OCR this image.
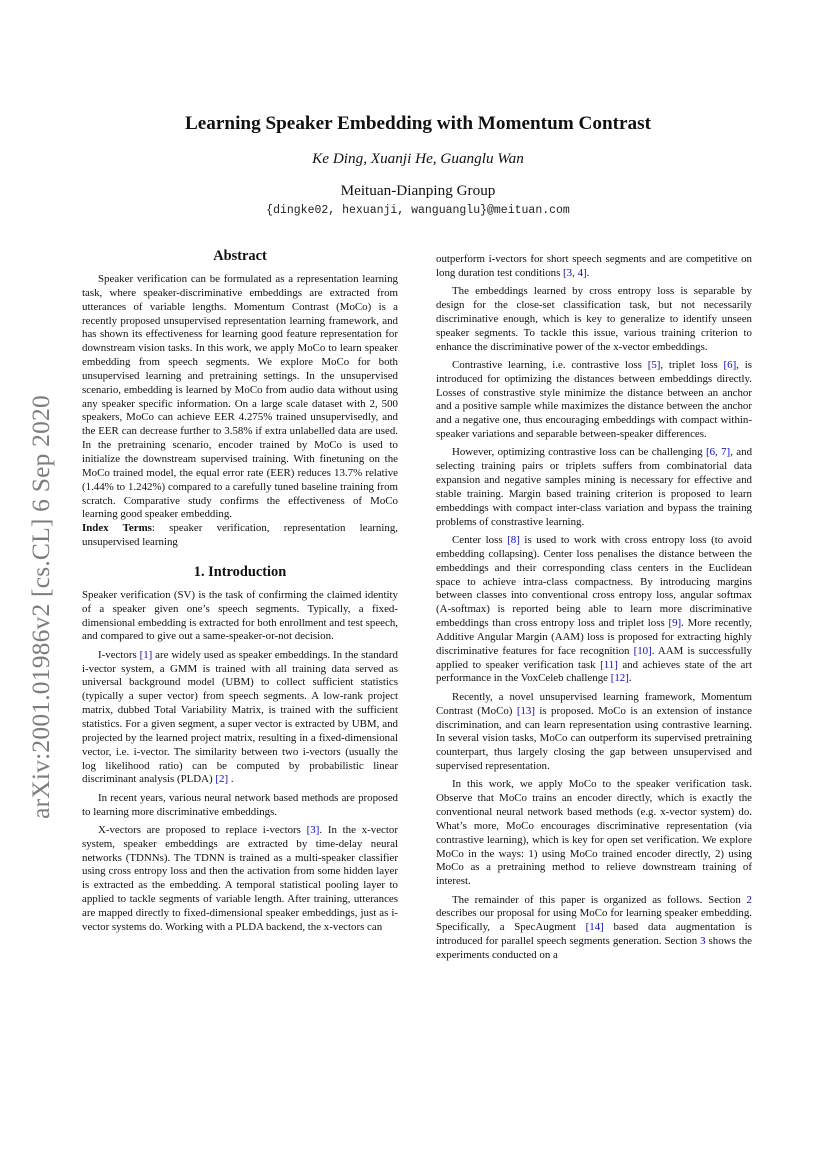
arXiv:2001.01986v2 [cs.CL] 6 Sep 2020
Learning Speaker Embedding with Momentum Contrast
Ke Ding, Xuanji He, Guanglu Wan
Meituan-Dianping Group
{dingke02, hexuanji, wanguanglu}@meituan.com
Abstract

Speaker verification can be formulated as a representation learning task, where speaker-discriminative embeddings are extracted from utterances of variable lengths. Momentum Contrast (MoCo) is a recently proposed unsupervised representation learning framework, and has shown its effectiveness for learning good feature representation for downstream vision tasks. In this work, we apply MoCo to learn speaker embedding from speech segments. We explore MoCo for both unsupervised learning and pretraining settings. In the unsupervised scenario, embedding is learned by MoCo from audio data without using any speaker specific information. On a large scale dataset with 2, 500 speakers, MoCo can achieve EER 4.275% trained unsupervisedly, and the EER can decrease further to 3.58% if extra unlabelled data are used. In the pretraining scenario, encoder trained by MoCo is used to initialize the downstream supervised training. With finetuning on the MoCo trained model, the equal error rate (EER) reduces 13.7% relative (1.44% to 1.242%) compared to a carefully tuned baseline training from scratch. Comparative study confirms the effectiveness of MoCo learning good speaker embedding.

Index Terms: speaker verification, representation learning, unsupervised learning

1. Introduction

Speaker verification (SV) is the task of confirming the claimed identity of a speaker given one’s speech segments. Typically, a fixed-dimensional embedding is extracted for both enrollment and test speech, and compared to give out a same-speaker-or-not decision.

I-vectors [1] are widely used as speaker embeddings. In the standard i-vector system, a GMM is trained with all training data served as universal background model (UBM) to collect sufficient statistics (typically a super vector) from speech segments. A low-rank project matrix, dubbed Total Variability Matrix, is trained with the sufficient statistics. For a given segment, a super vector is extracted by UBM, and projected by the learned project matrix, resulting in a fixed-dimensional vector, i.e. i-vector. The similarity between two i-vectors (usually the log likelihood ratio) can be computed by probabilistic linear discriminant analysis (PLDA) [2] .

In recent years, various neural network based methods are proposed to learning more discriminative embeddings.

X-vectors are proposed to replace i-vectors [3]. In the x-vector system, speaker embeddings are extracted by time-delay neural networks (TDNNs). The TDNN is trained as a multi-speaker classifier using cross entropy loss and then the activation from some hidden layer is extracted as the embedding. A temporal statistical pooling layer to applied to tackle segments of variable length. After training, utterances are mapped directly to fixed-dimensional speaker embeddings, just as i-vector systems do. Working with a PLDA backend, the x-vectors can

outperform i-vectors for short speech segments and are competitive on long duration test conditions [3, 4].

The embeddings learned by cross entropy loss is separable by design for the close-set classification task, but not necessarily discriminative enough, which is key to generalize to identify unseen speaker segments. To tackle this issue, various training criterion to enhance the discriminative power of the x-vector embeddings.

Contrastive learning, i.e. contrastive loss [5], triplet loss [6], is introduced for optimizing the distances between embeddings directly. Losses of constrastive style minimize the distance between an anchor and a positive sample while maximizes the distance between the anchor and a negative one, thus encouraging embeddings with compact within-speaker variations and separable between-speaker differences.

However, optimizing contrastive loss can be challenging [6, 7], and selecting training pairs or triplets suffers from combinatorial data expansion and negative samples mining is necessary for effective and stable training. Margin based training criterion is proposed to learn embeddings with compact inter-class variation and bypass the training problems of constrastive learning.

Center loss [8] is used to work with cross entropy loss (to avoid embedding collapsing). Center loss penalises the distance between the embeddings and their corresponding class centers in the Euclidean space to achieve intra-class compactness. By introducing margins between classes into conventional cross entropy loss, angular softmax (A-softmax) is reported being able to learn more discriminative embeddings than cross entropy loss and triplet loss [9]. More recently, Additive Angular Margin (AAM) loss is proposed for extracting highly discriminative features for face recognition [10]. AAM is successfully applied to speaker verification task [11] and achieves state of the art performance in the VoxCeleb challenge [12].

Recently, a novel unsupervised learning framework, Momentum Contrast (MoCo) [13] is proposed. MoCo is an extension of instance discrimination, and can learn representation using contrastive learning. In several vision tasks, MoCo can outperform its supervised pretraining counterpart, thus largely closing the gap between unsupervised and supervised representation.

In this work, we apply MoCo to the speaker verification task. Observe that MoCo trains an encoder directly, which is exactly the conventional neural network based methods (e.g. x-vector system) do. What’s more, MoCo encourages discriminative representation (via contrastive learning), which is key for open set verification. We explore MoCo in the ways: 1) using MoCo trained encoder directly, 2) using MoCo as a pretraining method to relieve downstream training of interest.

The remainder of this paper is organized as follows. Section 2 describes our proposal for using MoCo for learning speaker embedding. Specifically, a SpecAugment [14] based data augmentation is introduced for parallel speech segments generation. Section 3 shows the experiments conducted on a
